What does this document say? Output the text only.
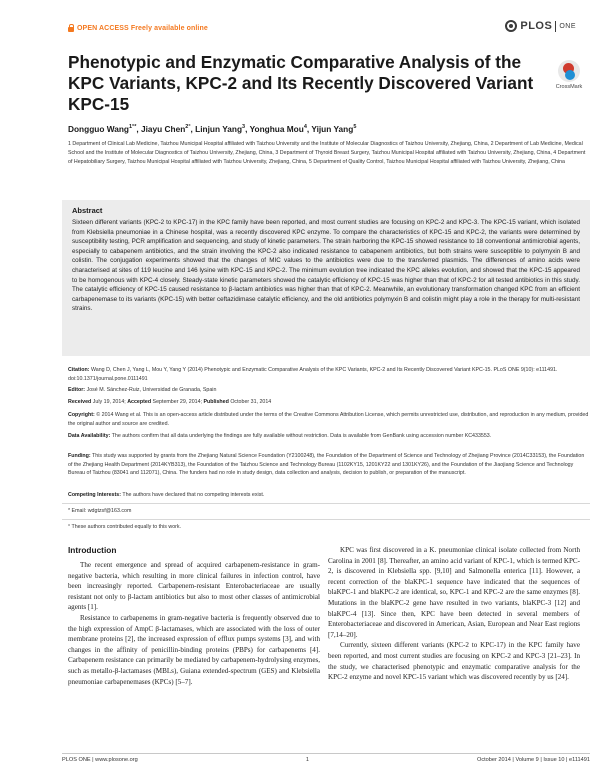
OPEN ACCESS Freely available online	PLOS ONE
Phenotypic and Enzymatic Comparative Analysis of the KPC Variants, KPC-2 and Its Recently Discovered Variant KPC-15
CrossMark
Dongguo Wang$^{1^\circ*}$, Jiayu Chen$^{2^\circ}$, Linjun Yang$^3$, Yonghua Mou$^4$, Yijun Yang$^5$

1 Department of Clinical Lab Medicine, Taizhou Municipal Hospital affiliated with Taizhou University and the Institute of Molecular Diagnostics of Taizhou University, Zhejiang, China, 2 Department of Lab Medicine, Medical School and the Institute of Molecular Diagnostics of Taizhou University, Zhejiang, China, 3 Department of Thyroid Breast Surgery, Taizhou Municipal Hospital affiliated with Taizhou University, Zhejiang, China, 4 Department of Hepatobiliary Surgery, Taizhou Municipal Hospital affiliated with Taizhou University, Zhejiang, China, 5 Department of Quality Control, Taizhou Municipal Hospital affiliated with Taizhou University, Zhejiang, China

Abstract

Sixteen different variants (KPC-2 to KPC-17) in the KPC family have been reported, and most current studies are focusing on KPC-2 and KPC-3. The KPC-15 variant, which isolated from Klebsiella pneumoniae in a Chinese hospital, was a recently discovered KPC enzyme. To compare the characteristics of KPC-15 and KPC-2, the variants were determined by susceptibility testing, PCR amplification and sequencing, and study of kinetic parameters. The strain harboring the KPC-15 showed resistance to 18 conventional antimicrobial agents, especially to cabapenem antibiotics, and the strain involving the KPC-2 also indicated resistance to cabapenem antibiotics, but both strains were susceptible to polymyxin B and colistin. The conjugation experiments showed that the changes of MIC values to the antibiotics were due to the transferred plasmids. The differences of amino acids were characterised at sites of 119 leucine and 146 lysine with KPC-15 and KPC-2. The minimum evolution tree indicated the KPC alleles evolution, and showed that the KPC-15 appeared to be homogenous with KPC-4 closely. Steady-state kinetic parameters showed the catalytic efficiency of KPC-15 was higher than that of KPC-2 for all tested antibiotics in this study. The catalytic efficiency of KPC-15 caused resistance to β-lactam antibiotics was higher than that of KPC-2. Meanwhile, an evolutionary transformation changed KPC from an efficient carbapenemase to its variants (KPC-15) with better ceftazidimase catalytic efficiency, and the old antibiotics polymyxin B and colistin might play a role in the therapy for multi-resistant strains.

Citation: Wang D, Chen J, Yang L, Mou Y, Yang Y (2014) Phenotypic and Enzymatic Comparative Analysis of the KPC Variants, KPC-2 and Its Recently Discovered Variant KPC-15. PLoS ONE 9(10): e111491. doi:10.1371/journal.pone.0111491

Editor: José M. Sánchez-Ruiz, Universidad de Granada, Spain

Received July 19, 2014; Accepted September 29, 2014; Published October 31, 2014

Copyright: © 2014 Wang et al. This is an open-access article distributed under the terms of the Creative Commons Attribution License, which permits unrestricted use, distribution, and reproduction in any medium, provided the original author and source are credited.

Data Availability: The authors confirm that all data underlying the findings are fully available without restriction. Data is available from GenBank using accession number KC433553.

Funding: This study was supported by grants from the Zhejiang Natural Science Foundation (Y2100248), the Foundation of the Department of Science and Technology of Zhejiang Province (2014C33153), the Foundation of the Zhejiang Health Department (2014KYB313), the Foundation of the Taizhou Science and Technology Bureau (1102KY15, 1201KY22 and 1301KY26), and the Foundation of the Jiaojiang Science and Technology Bureau of Taizhou (83041 and 112071), China. The funders had no role in study design, data collection and analysis, decision to publish, or preparation of the manuscript.

Competing Interests: The authors have declared that no competing interests exist.

* Email: wdgtzsf@163.com

° These authors contributed equally to this work.

Introduction

The recent emergence and spread of acquired carbapenem-resistance in gram-negative bacteria, which resulting in more clinical failures in infection control, have been increasingly reported. Carbapenem-resistant Enterobacteriaceae are usually resistant not only to β-lactam antibiotics but also to most other classes of antimicrobial agents [1].

Resistance to carbapenems in gram-negative bacteria is frequently observed due to the high expression of AmpC β-lactamases, which are associated with the loss of outer membrane proteins [2], the increased expression of efflux pumps systems [3], and with changes in the affinity of penicillin-binding proteins (PBPs) for carbapenems [4]. Carbapenem resistance can primarily be mediated by carbapenem-hydrolysing enzymes, such as metallo-β-lactamases (MBLs), Guiana extended-spectrum (GES) and Klebsiella pneumoniae carbapenemases (KPCs) [5–7].

KPC was first discovered in a K. pneumoniae clinical isolate collected from North Carolina in 2001 [8]. Thereafter, an amino acid variant of KPC-1, which is termed KPC-2, is discovered in Klebsiella spp. [9,10] and Salmonella enterica [11]. However, a recent correction of the blaKPC-1 sequence have indicated that the sequences of blaKPC-1 and blaKPC-2 are identical, so, KPC-1 and KPC-2 are the same enzymes [8]. Mutations in the blaKPC-2 gene have resulted in two variants, blaKPC-3 [12] and blaKPC-4 [13]. Since then, KPC have been detected in several members of Enterobacteriaceae and discovered in American, Asian, European and Near East regions [7,14–20].

Currently, sixteen different variants (KPC-2 to KPC-17) in the KPC family have been reported, and most current studies are focusing on KPC-2 and KPC-3 [21–23]. In the study, we characterised phenotypic and enzymatic comparative analysis for the KPC-2 enzyme and novel KPC-15 variant which was discovered recently by us [24].

PLOS ONE | www.plosone.org	1	October 2014 | Volume 9 | Issue 10 | e111491
